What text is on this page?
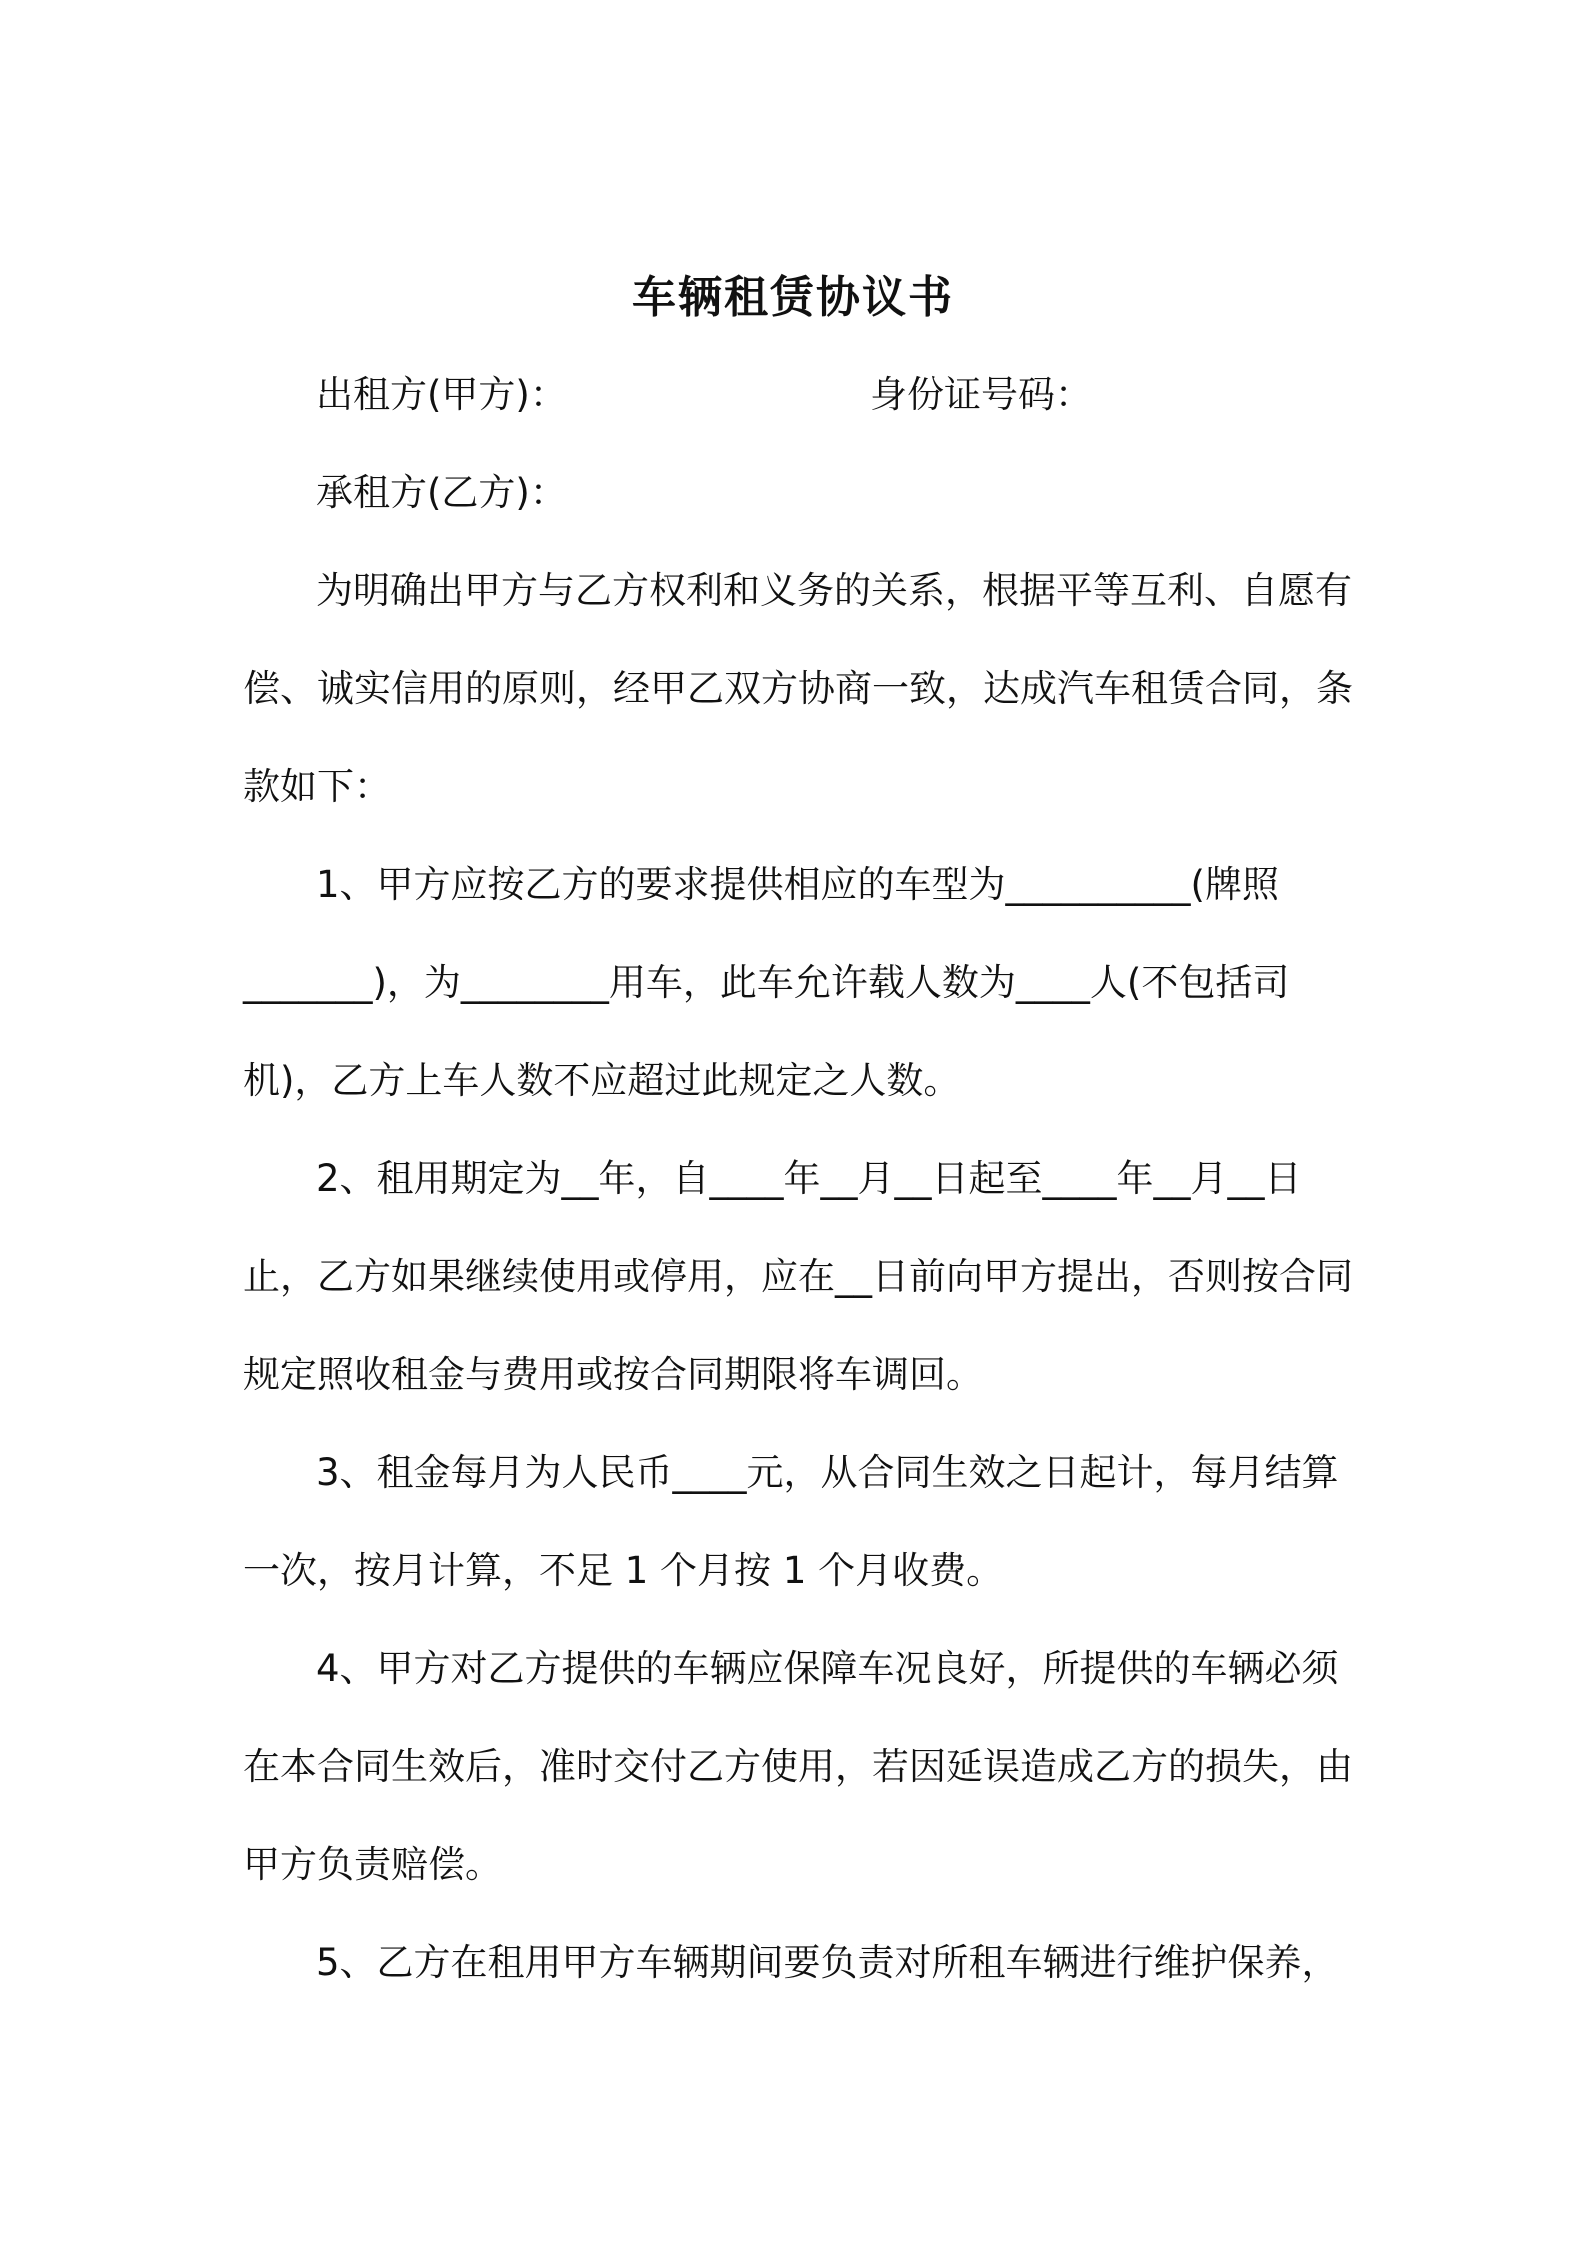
车辆租赁协议书
出租方(甲方)：	身份证号码：
承租方(乙方)：
为明确出甲方与乙方权利和义务的关系，根据平等互利、自愿有
偿、诚实信用的原则，经甲乙双方协商一致，达成汽车租赁合同，条
款如下：
1、甲方应按乙方的要求提供相应的车型为__________(牌照
_______)，为________用车，此车允许载人数为____人(不包括司
机)，乙方上车人数不应超过此规定之人数。
2、租用期定为__年，自____年__月__日起至____年__月__日
止，乙方如果继续使用或停用，应在__日前向甲方提出，否则按合同
规定照收租金与费用或按合同期限将车调回。
3、租金每月为人民币____元，从合同生效之日起计，每月结算
一次，按月计算，不足 1 个月按 1 个月收费。
4、甲方对乙方提供的车辆应保障车况良好，所提供的车辆必须
在本合同生效后，准时交付乙方使用，若因延误造成乙方的损失，由
甲方负责赔偿。
5、乙方在租用甲方车辆期间要负责对所租车辆进行维护保养，
